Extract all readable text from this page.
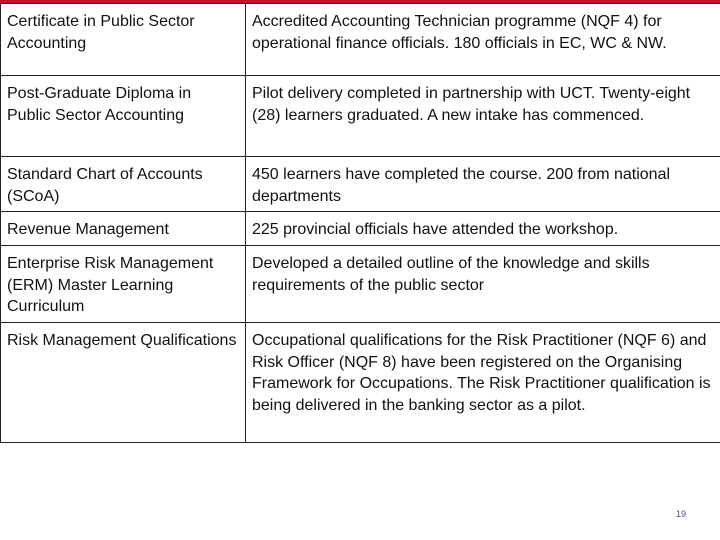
Certificate in Public Sector Accounting	Accredited Accounting Technician programme (NQF 4) for operational finance officials. 180 officials in EC, WC & NW.
Post-Graduate Diploma in Public Sector Accounting	Pilot delivery completed in partnership with UCT. Twenty-eight (28) learners graduated. A new intake has commenced.
Standard Chart of Accounts (SCoA)	450 learners have completed the course. 200 from national departments
Revenue Management	225 provincial officials have attended the workshop.
Enterprise Risk Management (ERM) Master Learning Curriculum	Developed a detailed outline of the knowledge and skills requirements of the public sector
Risk Management Qualifications	Occupational qualifications for the Risk Practitioner (NQF 6) and Risk Officer (NQF 8) have been registered on the Organising Framework for Occupations. The Risk Practitioner qualification is being delivered in the banking sector as a pilot.
19
